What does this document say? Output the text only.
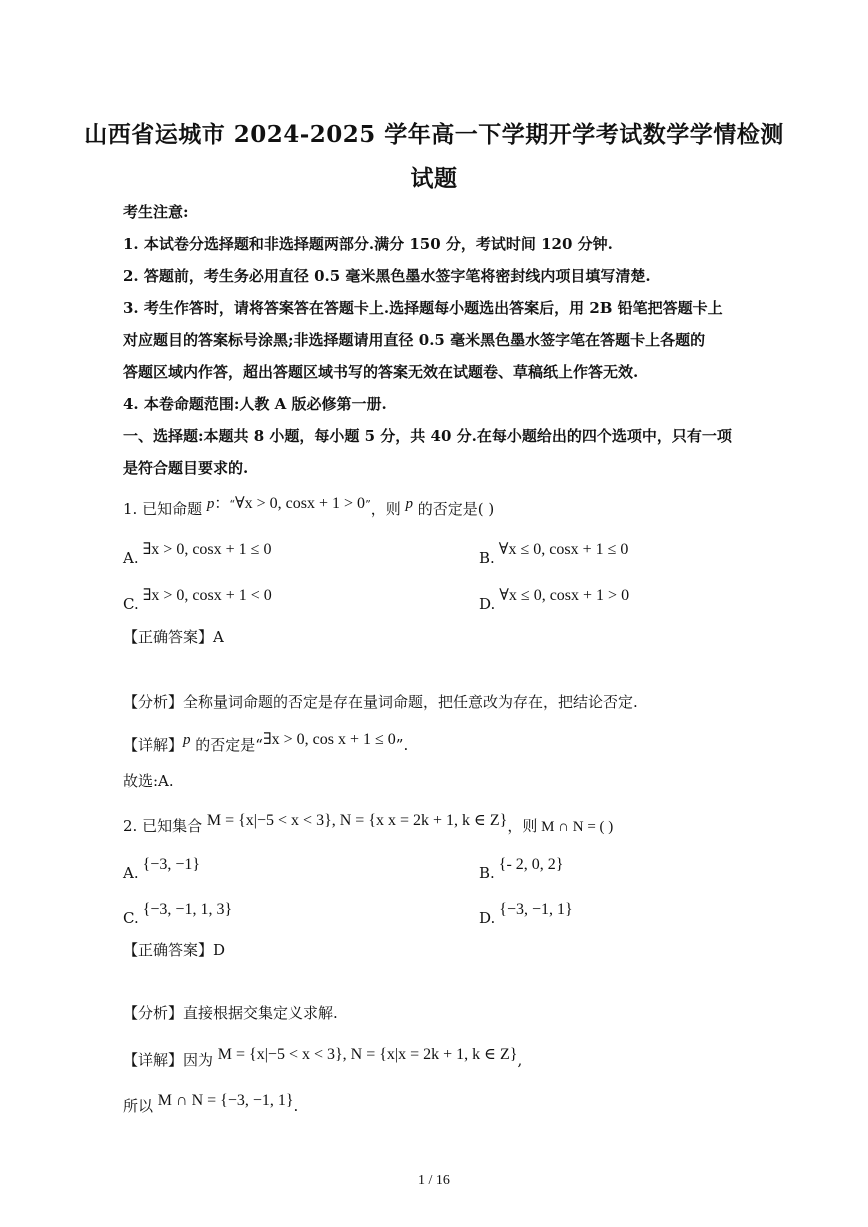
山西省运城市 2024-2025 学年高一下学期开学考试数学学情检测
试题
考生注意:
1. 本试卷分选择题和非选择题两部分.满分 150 分，考试时间 120 分钟.
2. 答题前，考生务必用直径 0.5 毫米黑色墨水签字笔将密封线内项目填写清楚.
3. 考生作答时，请将答案答在答题卡上.选择题每小题选出答案后，用 2B 铅笔把答题卡上
对应题目的答案标号涂黑;非选择题请用直径 0.5 毫米黑色墨水签字笔在答题卡上各题的
答题区域内作答，超出答题区域书写的答案无效在试题卷、草稿纸上作答无效.
4. 本卷命题范围:人教 A 版必修第一册.
一、选择题:本题共 8 小题，每小题 5 分，共 40 分.在每小题给出的四个选项中，只有一项
是符合题目要求的.
1. 已知命题 p：“∀x > 0, cosx + 1 > 0”，则 p 的否定是( )
A. ∃x > 0, cosx + 1 ≤ 0	B. ∀x ≤ 0, cosx + 1 ≤ 0
C. ∃x > 0, cosx + 1 < 0	D. ∀x ≤ 0, cosx + 1 > 0
【正确答案】A
【分析】全称量词命题的否定是存在量词命题，把任意改为存在，把结论否定.
【详解】p 的否定是“∃x > 0, cos x + 1 ≤ 0”.
故选:A.
2. 已知集合 M = {x|−5 < x < 3}, N = {x x = 2k + 1, k ∈ Z}，则 M ∩ N = ( )
A. {−3, −1}	B. {- 2, 0, 2}
C. {−3, −1, 1, 3}	D. {−3, −1, 1}
【正确答案】D
【分析】直接根据交集定义求解.
【详解】因为 M = {x|−5 < x < 3}, N = {x|x = 2k + 1, k ∈ Z},
所以 M ∩ N = {−3, −1, 1}.
1 / 16
